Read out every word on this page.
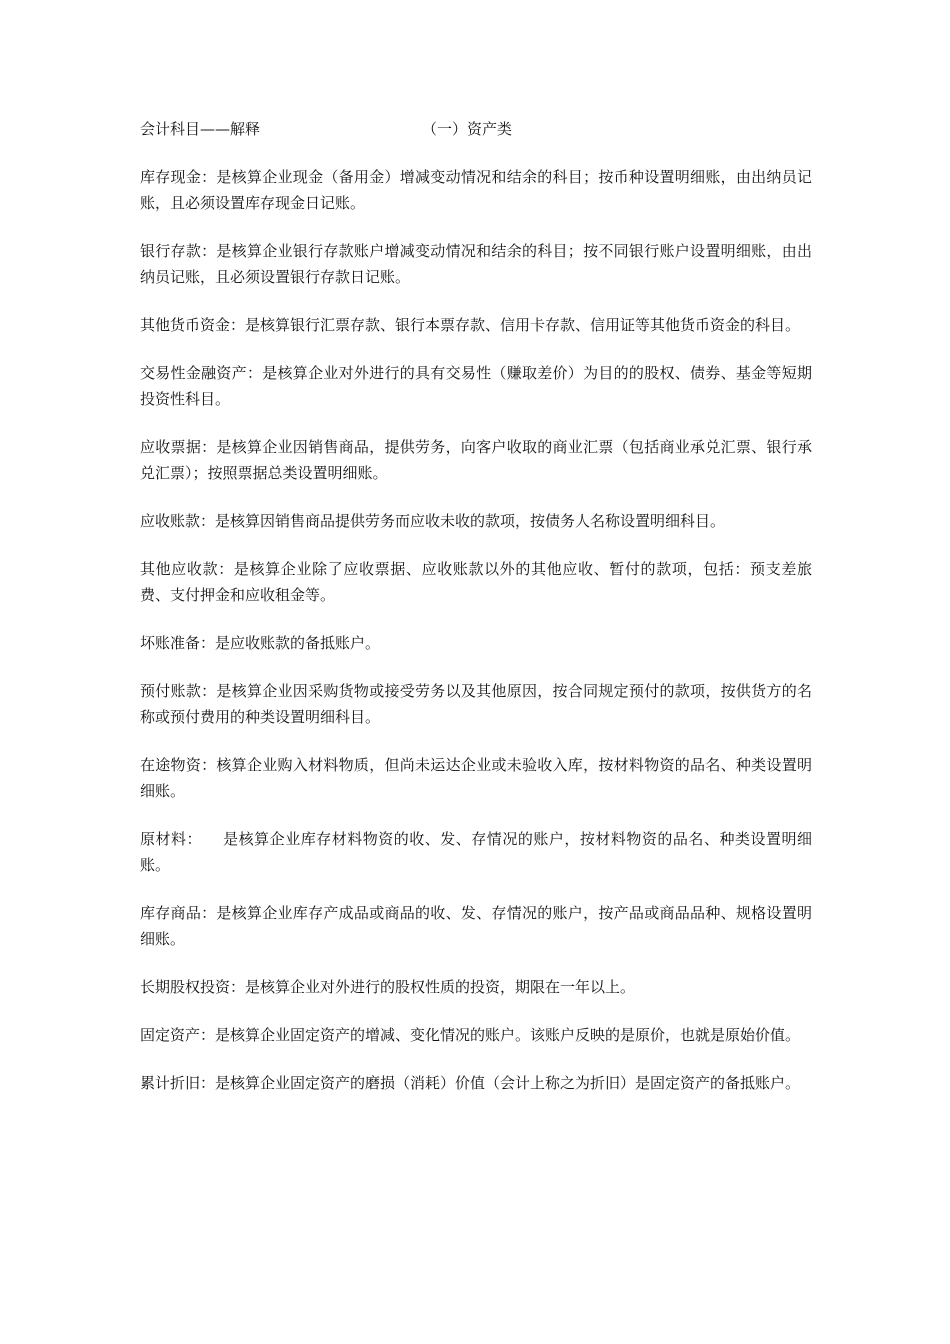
会计科目——解释	（一）资产类

库存现金：是核算企业现金（备用金）增减变动情况和结余的科目；按币种设置明细账，由出纳员记账，且必须设置库存现金日记账。

银行存款：是核算企业银行存款账户增减变动情况和结余的科目；按不同银行账户设置明细账，由出纳员记账，且必须设置银行存款日记账。

其他货币资金：是核算银行汇票存款、银行本票存款、信用卡存款、信用证等其他货币资金的科目。

交易性金融资产：是核算企业对外进行的具有交易性（赚取差价）为目的的股权、债券、基金等短期投资性科目。

应收票据：是核算企业因销售商品，提供劳务，向客户收取的商业汇票（包括商业承兑汇票、银行承兑汇票）；按照票据总类设置明细账。

应收账款：是核算因销售商品提供劳务而应收未收的款项，按债务人名称设置明细科目。

其他应收款：是核算企业除了应收票据、应收账款以外的其他应收、暂付的款项，包括：预支差旅费、支付押金和应收租金等。

坏账准备：是应收账款的备抵账户。

预付账款：是核算企业因采购货物或接受劳务以及其他原因，按合同规定预付的款项，按供货方的名称或预付费用的种类设置明细科目。

在途物资：核算企业购入材料物质，但尚未运达企业或未验收入库，按材料物资的品名、种类设置明细账。

原材料：    是核算企业库存材料物资的收、发、存情况的账户，按材料物资的品名、种类设置明细账。

库存商品：是核算企业库存产成品或商品的收、发、存情况的账户，按产品或商品品种、规格设置明细账。

长期股权投资：是核算企业对外进行的股权性质的投资，期限在一年以上。

固定资产：是核算企业固定资产的增减、变化情况的账户。该账户反映的是原价，也就是原始价值。

累计折旧：是核算企业固定资产的磨损（消耗）价值（会计上称之为折旧）是固定资产的备抵账户。
